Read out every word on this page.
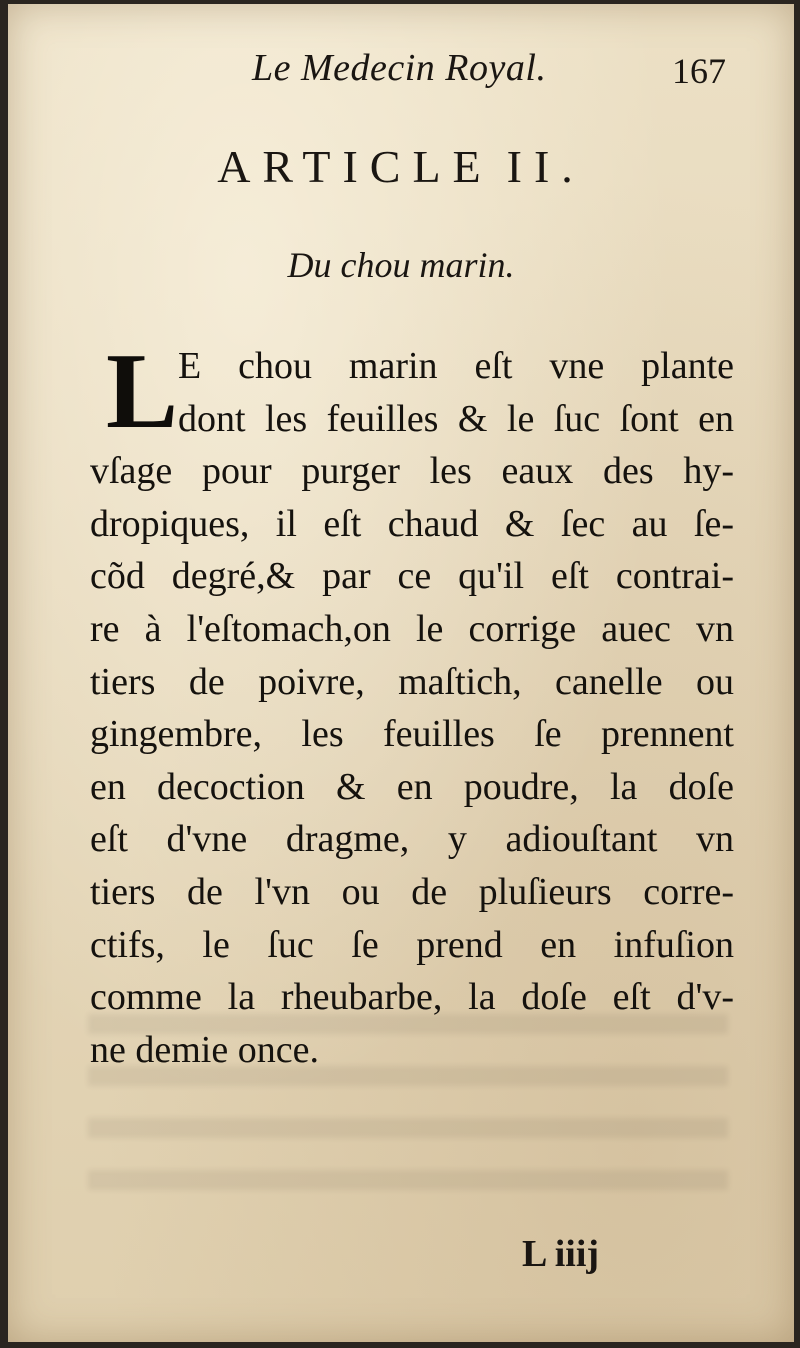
Le Medecin Royal.	167
ARTICLE II.
Du chou marin.
L E chou marin eſt vne plante
dont les feuilles & le ſuc ſont en
vſage pour purger les eaux des hy-
dropiques, il eſt chaud & ſec au ſe-
cõd degré,& par ce qu'il eſt contrai-
re à l'eſtomach,on le corrige auec vn
tiers de poivre, maſtich, canelle ou
gingembre, les feuilles ſe prennent
en decoction & en poudre, la doſe
eſt d'vne dragme, y adiouſtant vn
tiers de l'vn ou de pluſieurs corre-
ctifs, le ſuc ſe prend en infuſion
comme la rheubarbe, la doſe eſt d'v-
ne demie once.
L iiij
